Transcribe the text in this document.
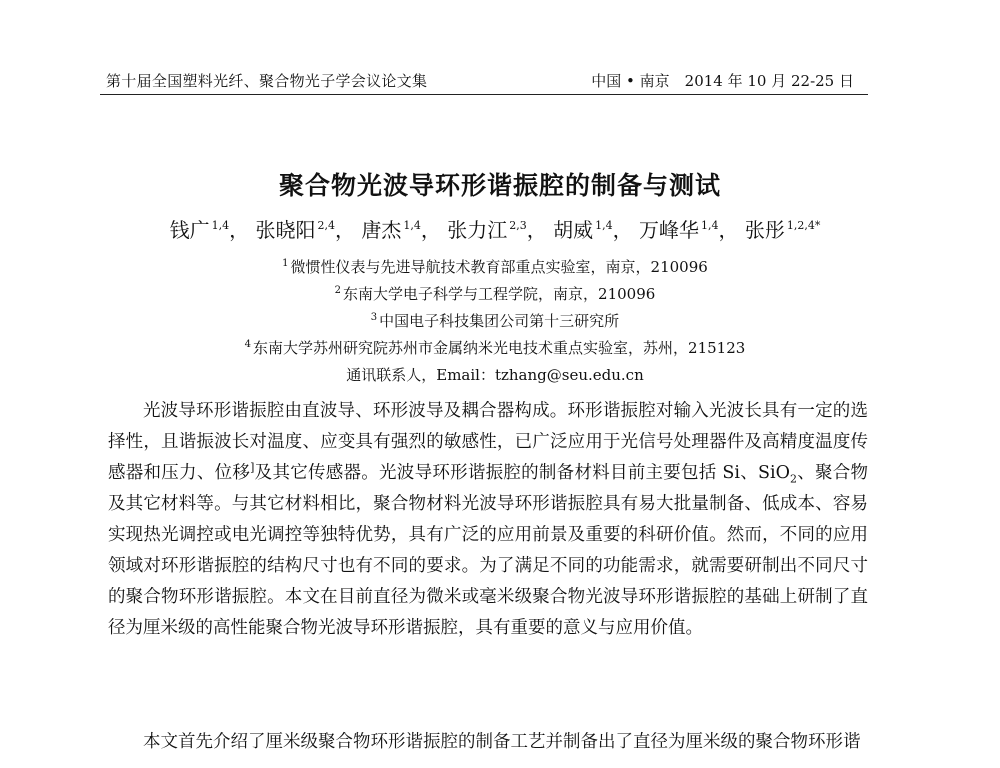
第十届全国塑料光纤、聚合物光子学会议论文集	中国 • 南京　2014 年 10 月 22-25 日
聚合物光波导环形谐振腔的制备与测试
钱广 $^{1,4}$， 张晓阳 $^{2,4}$， 唐杰 $^{1,4}$， 张力江 $^{2,3}$， 胡威 $^{1,4}$， 万峰华 $^{1,4}$， 张彤 $^{1,2,4*}$
$^1$ 微惯性仪表与先进导航技术教育部重点实验室，南京，210096
$^2$ 东南大学电子科学与工程学院，南京，210096
$^3$ 中国电子科技集团公司第十三研究所
$^4$ 东南大学苏州研究院苏州市金属纳米光电技术重点实验室，苏州，215123
通讯联系人，Email：tzhang@seu.edu.cn

光波导环形谐振腔由直波导、环形波导及耦合器构成。环形谐振腔对输入光波长具有一定的选择性，且谐振波长对温度、应变具有强烈的敏感性，已广泛应用于光信号处理器件及高精度温度传感器和压力、位移]及其它传感器。光波导环形谐振腔的制备材料目前主要包括 Si、SiO$_2$、聚合物及其它材料等。与其它材料相比，聚合物材料光波导环形谐振腔具有易大批量制备、低成本、容易实现热光调控或电光调控等独特优势，具有广泛的应用前景及重要的科研价值。然而，不同的应用领域对环形谐振腔的结构尺寸也有不同的要求。为了满足不同的功能需求，就需要研制出不同尺寸的聚合物环形谐振腔。本文在目前直径为微米或毫米级聚合物光波导环形谐振腔的基础上研制了直径为厘米级的高性能聚合物光波导环形谐振腔，具有重要的意义与应用价值。

本文首先介绍了厘米级聚合物环形谐振腔的制备工艺并制备出了直径为厘米级的聚合物环形谐
